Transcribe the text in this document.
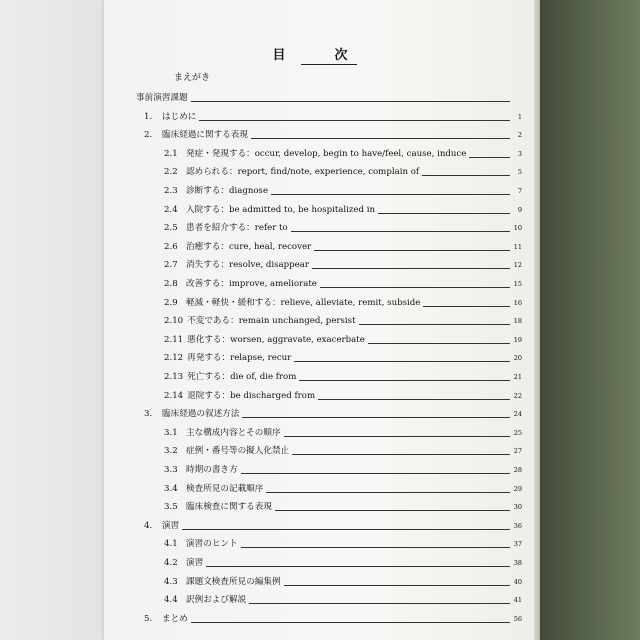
目　次
まえがき
事前演習課題
1.	はじめに	1
2.	臨床経過に関する表現	2
2.1 発症・発現する：occur, develop, begin to have/feel, cause, induce	3
2.2 認められる：report, find/note, experience, complain of	5
2.3 診断する：diagnose	7
2.4 入院する：be admitted to, be hospitalized in	9
2.5 患者を紹介する：refer to	10
2.6 治癒する：cure, heal, recover	11
2.7 消失する：resolve, disappear	12
2.8 改善する：improve, ameliorate	15
2.9 軽減・軽快・緩和する：relieve, alleviate, remit, subside	16
2.10 不変である：remain unchanged, persist	18
2.11 悪化する：worsen, aggravate, exacerbate	19
2.12 再発する：relapse, recur	20
2.13 死亡する：die of, die from	21
2.14 退院する：be discharged from	22
3.	臨床経過の叙述方法	24
3.1 主な構成内容とその順序	25
3.2 症例・番号等の擬人化禁止	27
3.3 時期の書き方	28
3.4 検査所見の記載順序	29
3.5 臨床検査に関する表現	30
4.	演習	36
4.1 演習のヒント	37
4.2 演習	38
4.3 課題文検査所見の編集例	40
4.4 訳例および解説	41
5.	まとめ	56
